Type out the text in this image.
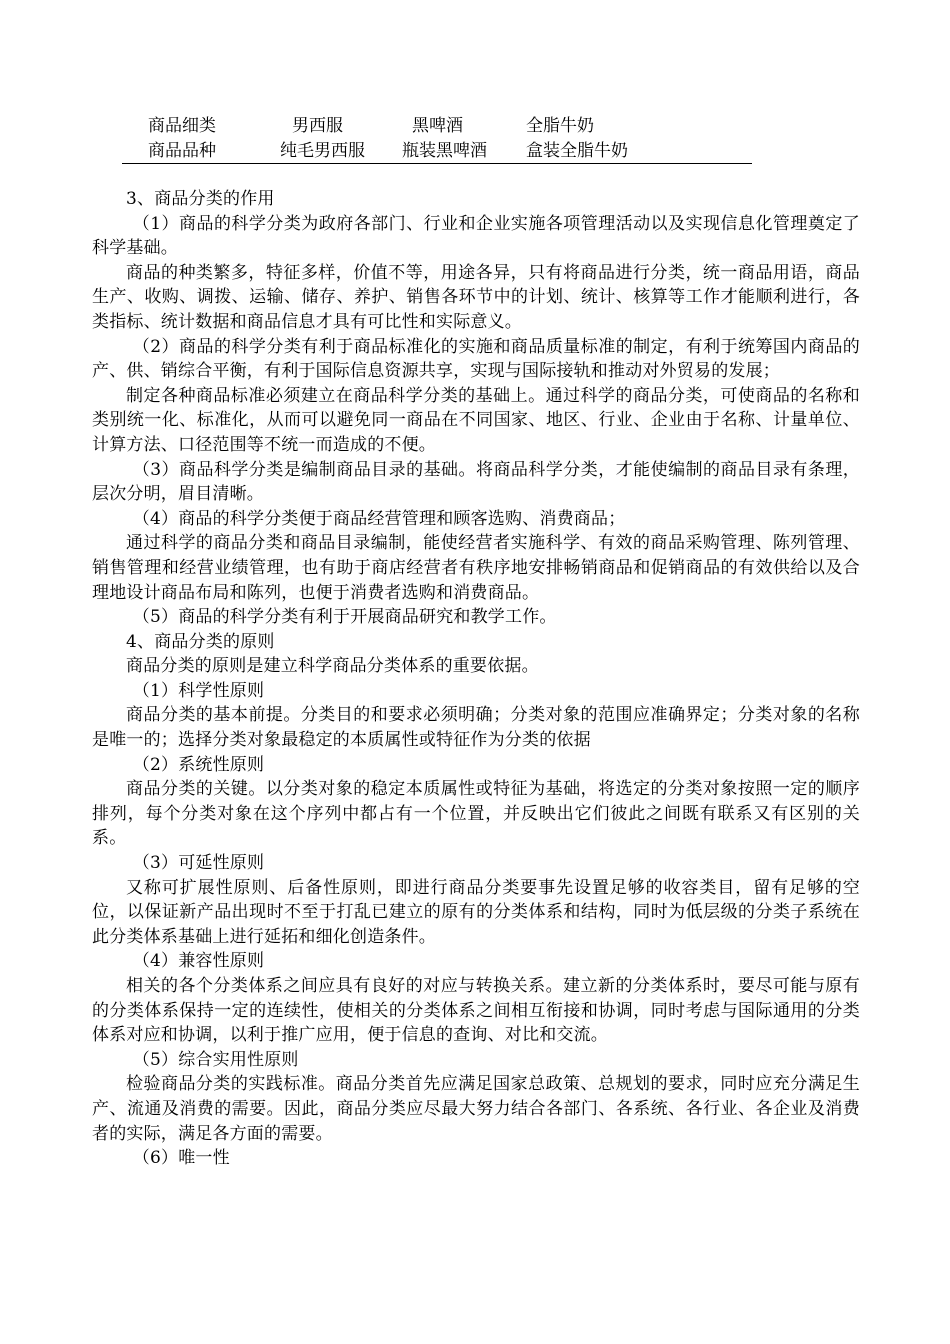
商品细类	男西服	黑啤酒	全脂牛奶
商品品种	纯毛男西服	瓶装黑啤酒	盒装全脂牛奶

3、商品分类的作用

（1）商品的科学分类为政府各部门、行业和企业实施各项管理活动以及实现信息化管理奠定了科学基础。

商品的种类繁多，特征多样，价值不等，用途各异，只有将商品进行分类，统一商品用语，商品生产、收购、调拨、运输、储存、养护、销售各环节中的计划、统计、核算等工作才能顺利进行，各类指标、统计数据和商品信息才具有可比性和实际意义。

（2）商品的科学分类有利于商品标准化的实施和商品质量标准的制定，有利于统筹国内商品的产、供、销综合平衡，有利于国际信息资源共享，实现与国际接轨和推动对外贸易的发展；

制定各种商品标准必须建立在商品科学分类的基础上。通过科学的商品分类，可使商品的名称和类别统一化、标准化，从而可以避免同一商品在不同国家、地区、行业、企业由于名称、计量单位、计算方法、口径范围等不统一而造成的不便。

（3）商品科学分类是编制商品目录的基础。将商品科学分类，才能使编制的商品目录有条理，层次分明，眉目清晰。

（4）商品的科学分类便于商品经营管理和顾客选购、消费商品；

通过科学的商品分类和商品目录编制，能使经营者实施科学、有效的商品采购管理、陈列管理、销售管理和经营业绩管理，也有助于商店经营者有秩序地安排畅销商品和促销商品的有效供给以及合理地设计商品布局和陈列，也便于消费者选购和消费商品。

（5）商品的科学分类有利于开展商品研究和教学工作。

4、商品分类的原则

商品分类的原则是建立科学商品分类体系的重要依据。

（1）科学性原则

商品分类的基本前提。分类目的和要求必须明确；分类对象的范围应准确界定；分类对象的名称是唯一的；选择分类对象最稳定的本质属性或特征作为分类的依据

（2）系统性原则

商品分类的关键。以分类对象的稳定本质属性或特征为基础，将选定的分类对象按照一定的顺序排列，每个分类对象在这个序列中都占有一个位置，并反映出它们彼此之间既有联系又有区别的关系。

（3）可延性原则

又称可扩展性原则、后备性原则，即进行商品分类要事先设置足够的收容类目，留有足够的空位，以保证新产品出现时不至于打乱已建立的原有的分类体系和结构，同时为低层级的分类子系统在此分类体系基础上进行延拓和细化创造条件。

（4）兼容性原则

相关的各个分类体系之间应具有良好的对应与转换关系。建立新的分类体系时，要尽可能与原有的分类体系保持一定的连续性，使相关的分类体系之间相互衔接和协调，同时考虑与国际通用的分类体系对应和协调，以利于推广应用，便于信息的查询、对比和交流。

（5）综合实用性原则

检验商品分类的实践标准。商品分类首先应满足国家总政策、总规划的要求，同时应充分满足生产、流通及消费的需要。因此，商品分类应尽最大努力结合各部门、各系统、各行业、各企业及消费者的实际，满足各方面的需要。

（6）唯一性
